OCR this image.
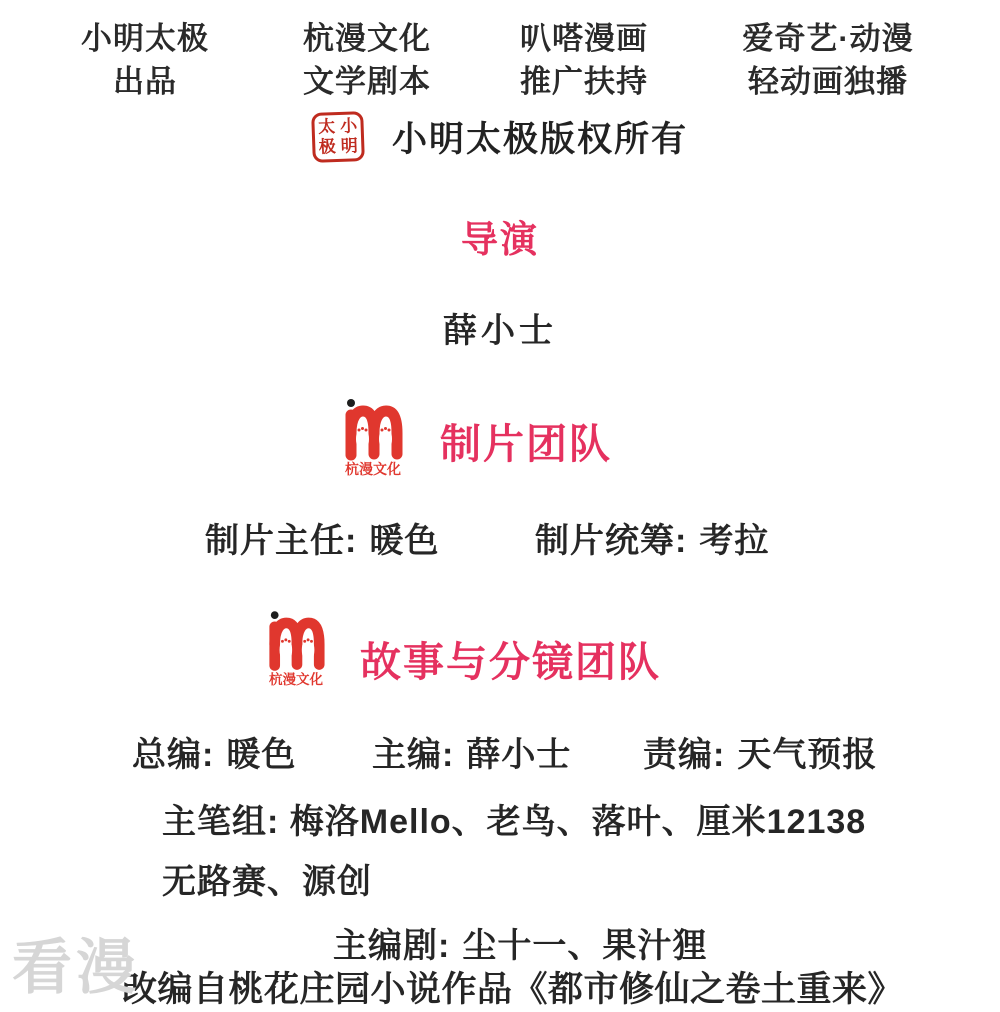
小明太极
出品
杭漫文化
文学剧本
叭嗒漫画
推广扶持
爱奇艺·动漫
轻动画独播
太 小
极 明 小明太极版权所有
导演
薛小士
杭漫文化
制片团队
制片主任: 暖色	制片统筹: 考拉
杭漫文化 故事与分镜团队
总编: 暖色 主编: 薛小士 责编: 天气预报
主笔组: 梅洛Mello、老鸟、落叶、厘米12138
无路赛、源创
主编剧: 尘十一、果汁狸
改编自桃花庄园小说作品《都市修仙之卷土重来》
看漫
